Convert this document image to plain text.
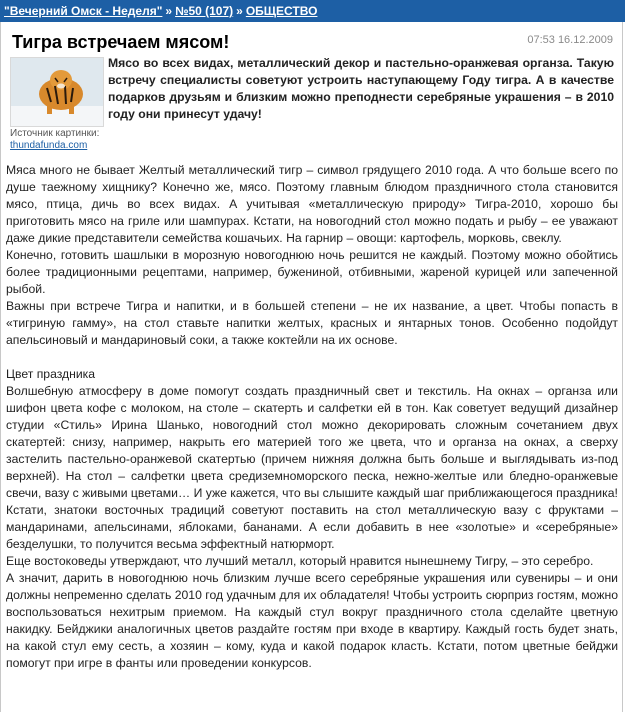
"Вечерний Омск - Неделя" » №50 (107) » ОБЩЕСТВО
Тигра встречаем мясом!	07:53 16.12.2009
Источник картинки:
thundafunda.com
Мясо во всех видах, металлический декор и пастельно-оранжевая органза. Такую встречу специалисты советуют устроить наступающему Году тигра. А в качестве подарков друзьям и близким можно преподнести серебряные украшения – в 2010 году они принесут удачу!

Мяса много не бывает Желтый металлический тигр – символ грядущего 2010 года. А что больше всего по душе таежному хищнику? Конечно же, мясо. Поэтому главным блюдом праздничного стола становится мясо, птица, дичь во всех видах. А учитывая «металлическую природу» Тигра-2010, хорошо бы приготовить мясо на гриле или шампурах. Кстати, на новогодний стол можно подать и рыбу – ее уважают даже дикие представители семейства кошачьих. На гарнир – овощи: картофель, морковь, свеклу.

Конечно, готовить шашлыки в морозную новогоднюю ночь решится не каждый. Поэтому можно обойтись более традиционными рецептами, например, бужениной, отбивными, жареной курицей или запеченной рыбой.

Важны при встрече Тигра и напитки, и в большей степени – не их название, а цвет. Чтобы попасть в «тигриную гамму», на стол ставьте напитки желтых, красных и янтарных тонов. Особенно подойдут апельсиновый и мандариновый соки, а также коктейли на их основе.

Цвет праздника

Волшебную атмосферу в доме помогут создать праздничный свет и текстиль. На окнах – органза или шифон цвета кофе с молоком, на столе – скатерть и салфетки ей в тон. Как советует ведущий дизайнер студии «Стиль» Ирина Шанько, новогодний стол можно декорировать сложным сочетанием двух скатертей: снизу, например, накрыть его материей того же цвета, что и органза на окнах, а сверху застелить пастельно-оранжевой скатертью (причем нижняя должна быть больше и выглядывать из-под верхней). На стол – салфетки цвета средиземноморского песка, нежно-желтые или бледно-оранжевые свечи, вазу с живыми цветами… И уже кажется, что вы слышите каждый шаг приближающегося праздника!

Кстати, знатоки восточных традиций советуют поставить на стол металлическую вазу с фруктами – мандаринами, апельсинами, яблоками, бананами. А если добавить в нее «золотые» и «серебряные» безделушки, то получится весьма эффектный натюрморт.

Еще востоковеды утверждают, что лучший металл, который нравится нынешнему Тигру, – это серебро.

А значит, дарить в новогоднюю ночь близким лучше всего серебряные украшения или сувениры – и они должны непременно сделать 2010 год удачным для их обладателя! Чтобы устроить сюрприз гостям, можно воспользоваться нехитрым приемом. На каждый стул вокруг праздничного стола сделайте цветную накидку. Бейджики аналогичных цветов раздайте гостям при входе в квартиру. Каждый гость будет знать, на какой стул ему сесть, а хозяин – кому, куда и какой подарок класть. Кстати, потом цветные бейджи помогут при игре в фанты или проведении конкурсов.
